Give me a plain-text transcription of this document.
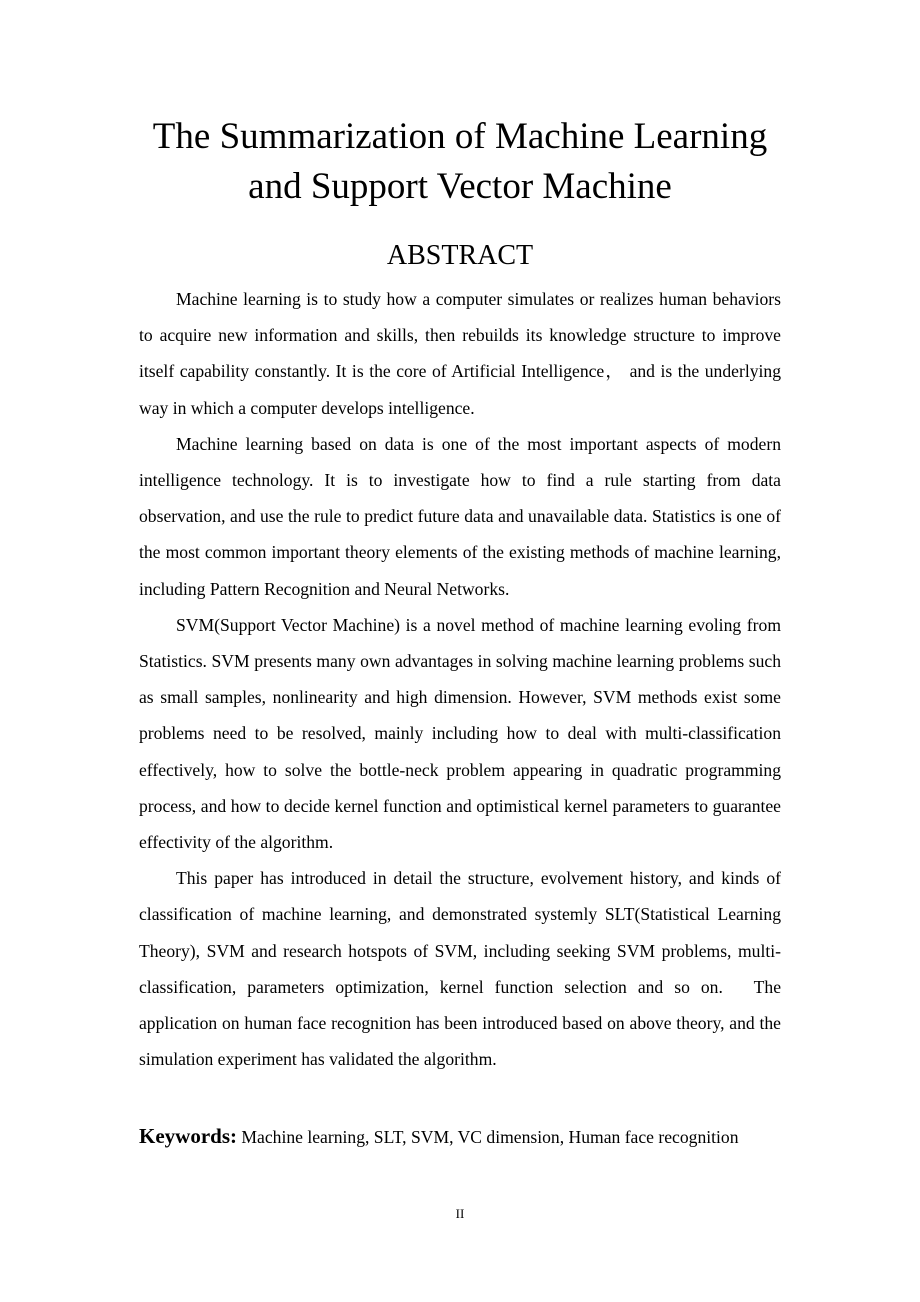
The Summarization of Machine Learning
and Support Vector Machine
ABSTRACT

Machine learning is to study how a computer simulates or realizes human behaviors to acquire new information and skills, then rebuilds its knowledge structure to improve itself capability constantly. It is the core of Artificial Intelligence， and is the underlying way in which a computer develops intelligence.

Machine learning based on data is one of the most important aspects of modern intelligence technology. It is to investigate how to find a rule starting from data observation, and use the rule to predict future data and unavailable data. Statistics is one of the most common important theory elements of the existing methods of machine learning, including Pattern Recognition and Neural Networks.

SVM(Support Vector Machine) is a novel method of machine learning evoling from Statistics. SVM presents many own advantages in solving machine learning problems such as small samples, nonlinearity and high dimension. However, SVM methods exist some problems need to be resolved, mainly including how to deal with multi-classification effectively, how to solve the bottle-neck problem appearing in quadratic programming process, and how to decide kernel function and optimistical kernel parameters to guarantee effectivity of the algorithm.

This paper has introduced in detail the structure, evolvement history, and kinds of classification of machine learning, and demonstrated systemly SLT(Statistical Learning Theory), SVM and research hotspots of SVM, including seeking SVM problems, multi-classification, parameters optimization, kernel function selection and so on.　The application on human face recognition has been introduced based on above theory, and the simulation experiment has validated the algorithm.

Keywords: Machine learning, SLT, SVM, VC dimension, Human face recognition
II
